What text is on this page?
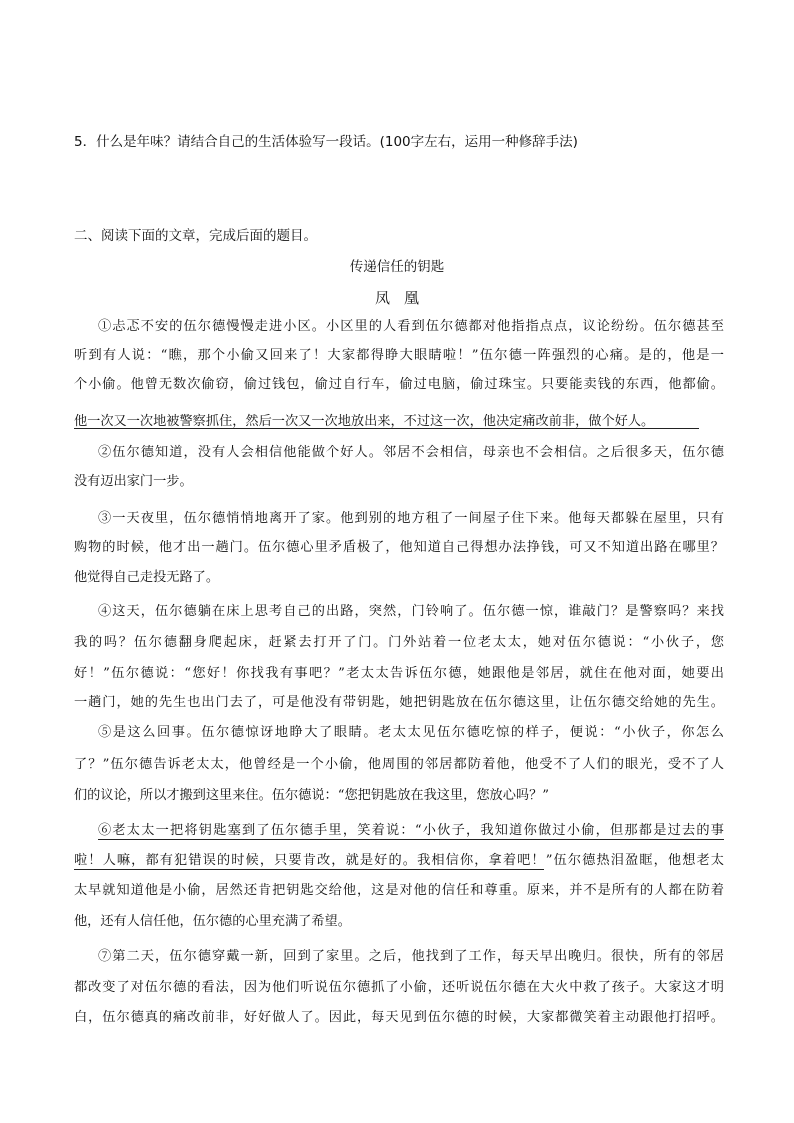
5．什么是年味？请结合自己的生活体验写一段话。(100字左右，运用一种修辞手法)
二、阅读下面的文章，完成后面的题目。
传递信任的钥匙
凤凰
①忐忑不安的伍尔德慢慢走进小区。小区里的人看到伍尔德都对他指指点点，议论纷纷。伍尔德甚至
听到有人说：“瞧，那个小偷又回来了！大家都得睁大眼睛啦！”伍尔德一阵强烈的心痛。是的，他是一
个小偷。他曾无数次偷窃，偷过钱包，偷过自行车，偷过电脑，偷过珠宝。只要能卖钱的东西，他都偷。
他一次又一次地被警察抓住，然后一次又一次地放出来，不过这一次，他决定痛改前非，做个好人。
②伍尔德知道，没有人会相信他能做个好人。邻居不会相信，母亲也不会相信。之后很多天，伍尔德
没有迈出家门一步。
③一天夜里，伍尔德悄悄地离开了家。他到别的地方租了一间屋子住下来。他每天都躲在屋里，只有
购物的时候，他才出一趟门。伍尔德心里矛盾极了，他知道自己得想办法挣钱，可又不知道出路在哪里？
他觉得自己走投无路了。
④这天，伍尔德躺在床上思考自己的出路，突然，门铃响了。伍尔德一惊，谁敲门？是警察吗？来找
我的吗？伍尔德翻身爬起床，赶紧去打开了门。门外站着一位老太太，她对伍尔德说：“小伙子，您
好！”伍尔德说：“您好！你找我有事吧？”老太太告诉伍尔德，她跟他是邻居，就住在他对面，她要出
一趟门，她的先生也出门去了，可是他没有带钥匙，她把钥匙放在伍尔德这里，让伍尔德交给她的先生。
⑤是这么回事。伍尔德惊讶地睁大了眼睛。老太太见伍尔德吃惊的样子，便说：“小伙子，你怎么
了？”伍尔德告诉老太太，他曾经是一个小偷，他周围的邻居都防着他，他受不了人们的眼光，受不了人
们的议论，所以才搬到这里来住。伍尔德说：“您把钥匙放在我这里，您放心吗？”
⑥老太太一把将钥匙塞到了伍尔德手里，笑着说：“小伙子，我知道你做过小偷，但那都是过去的事
啦！人嘛，都有犯错误的时候，只要肯改，就是好的。我相信你，拿着吧！”伍尔德热泪盈眶，他想老太
太早就知道他是小偷，居然还肯把钥匙交给他，这是对他的信任和尊重。原来，并不是所有的人都在防着
他，还有人信任他，伍尔德的心里充满了希望。
⑦第二天，伍尔德穿戴一新，回到了家里。之后，他找到了工作，每天早出晚归。很快，所有的邻居
都改变了对伍尔德的看法，因为他们听说伍尔德抓了小偷，还听说伍尔德在大火中救了孩子。大家这才明
白，伍尔德真的痛改前非，好好做人了。因此，每天见到伍尔德的时候，大家都微笑着主动跟他打招呼。
